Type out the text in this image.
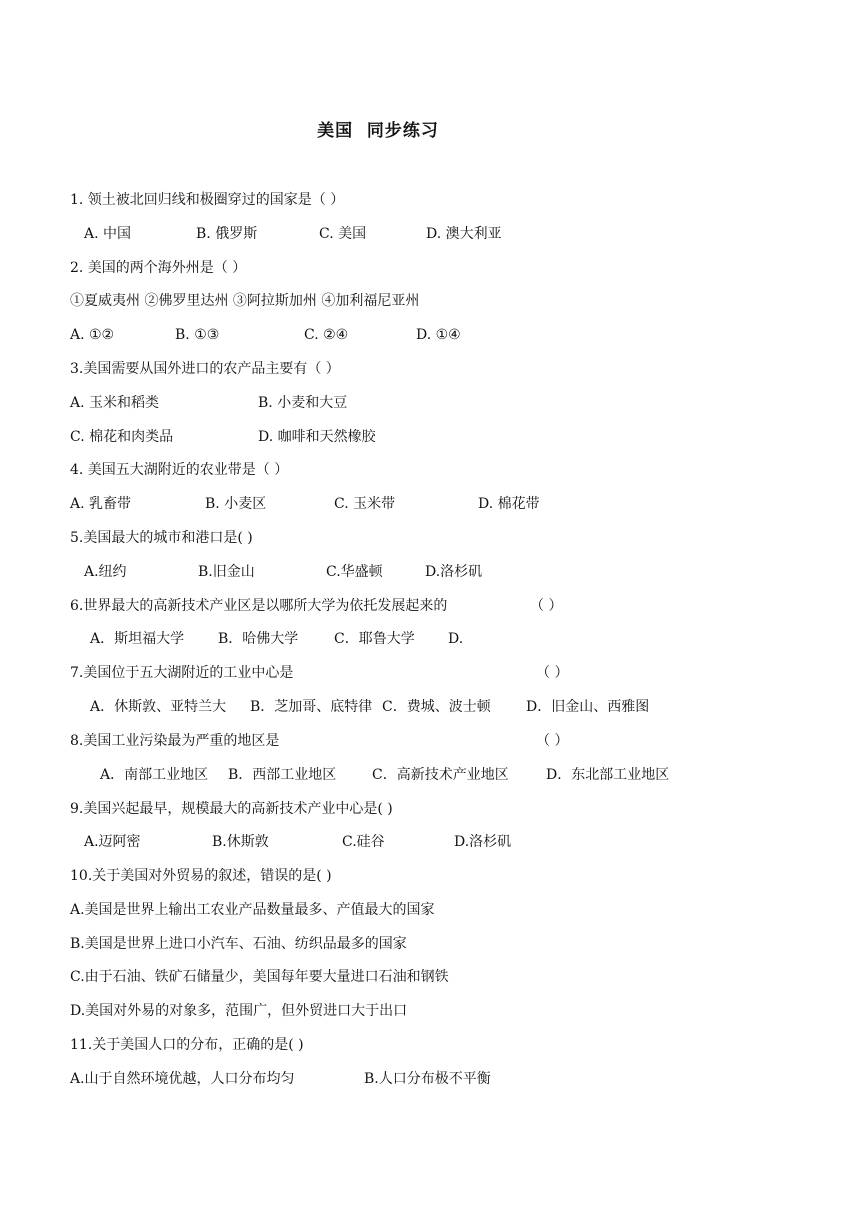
美国  同步练习
1. 领土被北回归线和极圈穿过的国家是（ ）
A. 中国	B. 俄罗斯	C. 美国	D. 澳大利亚
2. 美国的两个海外州是（ ）
①夏威夷州 ②佛罗里达州 ③阿拉斯加州 ④加利福尼亚州
A. ①②	B. ①③	C. ②④	D. ①④
3.美国需要从国外进口的农产品主要有（ ）
A. 玉米和稻类	B. 小麦和大豆
C. 棉花和肉类品	D. 咖啡和天然橡胶
4. 美国五大湖附近的农业带是（ ）
A. 乳畜带	B. 小麦区	C. 玉米带	D. 棉花带
5.美国最大的城市和港口是( )
A.纽约	B.旧金山	C.华盛顿	D.洛杉矶
6.世界最大的高新技术产业区是以哪所大学为依托发展起来的	（ ）
A．斯坦福大学 B．哈佛大学	C．耶鲁大学 D.
7.美国位于五大湖附近的工业中心是	（ ）
A．休斯敦、亚特兰大 B．芝加哥、底特律 C．费城、波士顿	D．旧金山、西雅图
8.美国工业污染最为严重的地区是	（ ）
A．南部工业地区 B．西部工业地区	C．高新技术产业地区	D．东北部工业地区
9.美国兴起最早，规模最大的高新技术产业中心是( )
A.迈阿密	B.休斯敦	C.硅谷	D.洛杉矶
10.关于美国对外贸易的叙述，错误的是( )
A.美国是世界上输出工农业产品数量最多、产值最大的国家
B.美国是世界上进口小汽车、石油、纺织品最多的国家
C.由于石油、铁矿石储量少，美国每年要大量进口石油和钢铁
D.美国对外易的对象多，范围广，但外贸进口大于出口
11.关于美国人口的分布，正确的是( )
A.山于自然环境优越，人口分布均匀	B.人口分布极不平衡
